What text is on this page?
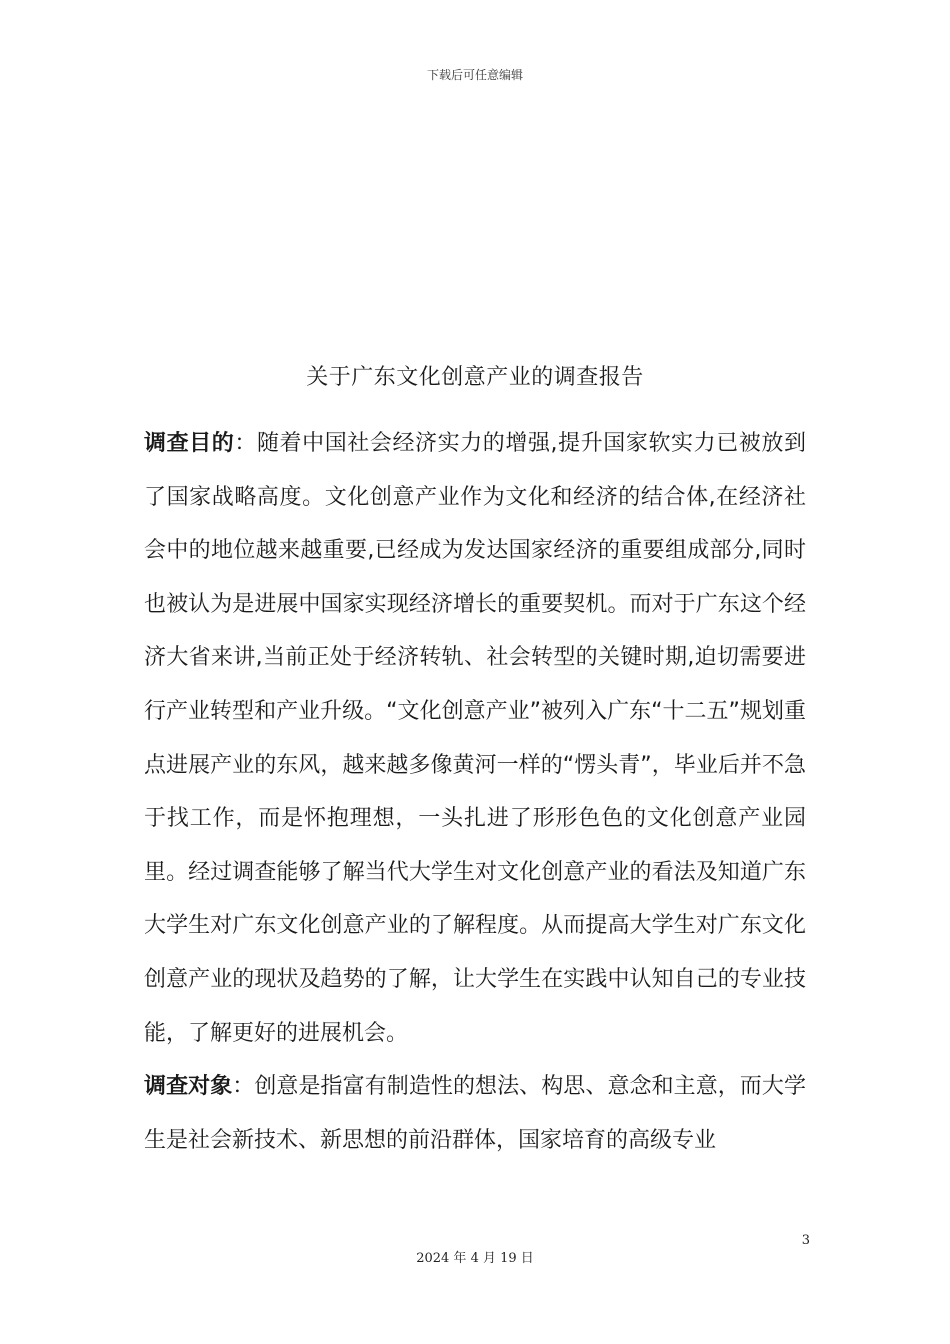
下载后可任意编辑
关于广东文化创意产业的调查报告

调查目的：随着中国社会经济实力的增强,提升国家软实力已被放到了国家战略高度。文化创意产业作为文化和经济的结合体,在经济社会中的地位越来越重要,已经成为发达国家经济的重要组成部分,同时也被认为是进展中国家实现经济增长的重要契机。而对于广东这个经济大省来讲,当前正处于经济转轨、社会转型的关键时期,迫切需要进行产业转型和产业升级。“文化创意产业”被列入广东“十二五”规划重点进展产业的东风，越来越多像黄河一样的“愣头青”，毕业后并不急于找工作，而是怀抱理想，一头扎进了形形色色的文化创意产业园里。经过调查能够了解当代大学生对文化创意产业的看法及知道广东大学生对广东文化创意产业的了解程度。从而提高大学生对广东文化创意产业的现状及趋势的了解，让大学生在实践中认知自己的专业技能，了解更好的进展机会。

调查对象：创意是指富有制造性的想法、构思、意念和主意，而大学生是社会新技术、新思想的前沿群体，国家培育的高级专业

3
2024 年 4 月 19 日
